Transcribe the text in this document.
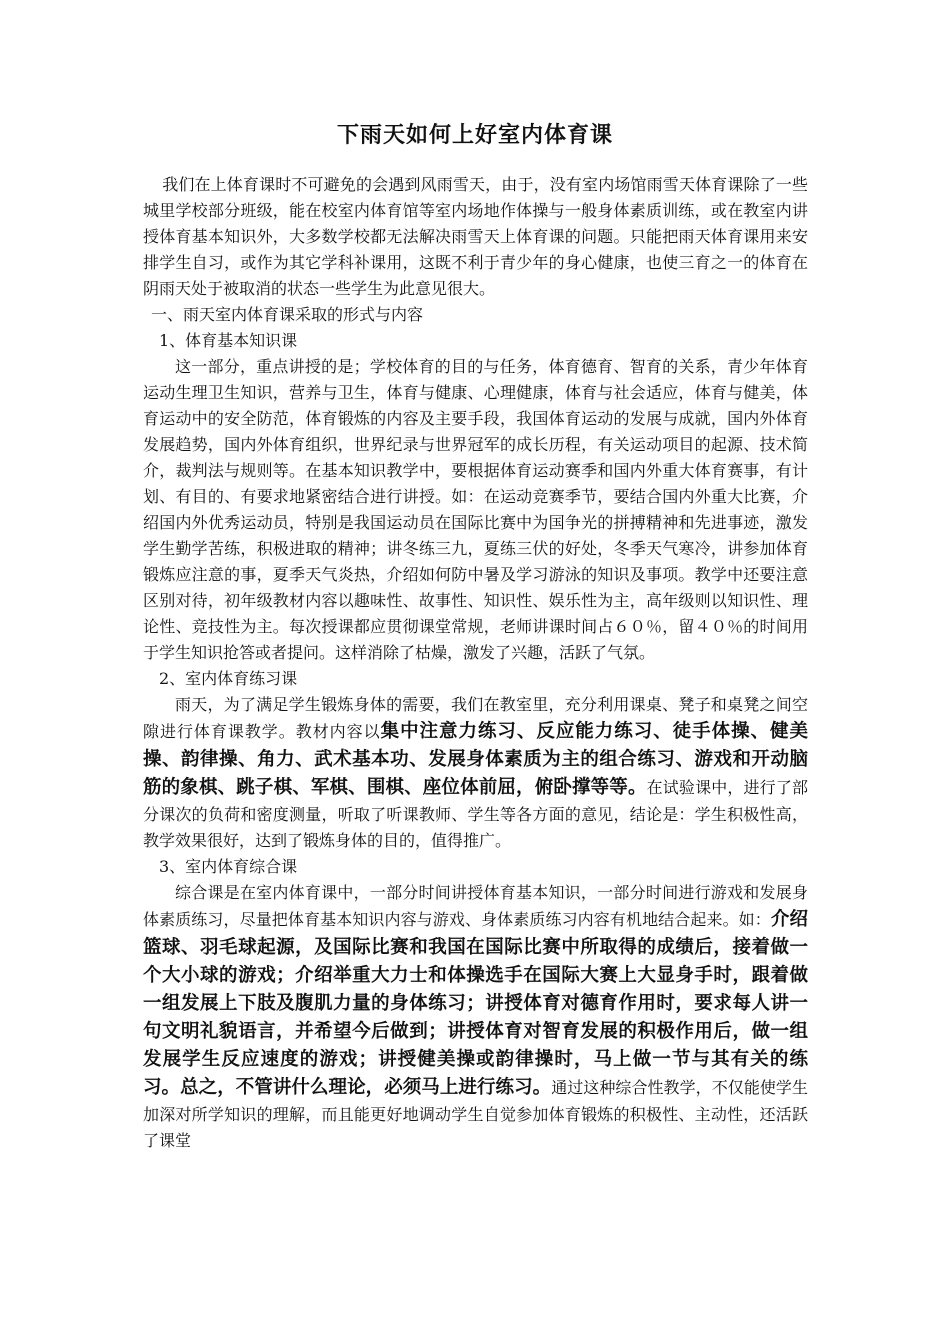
下雨天如何上好室内体育课

我们在上体育课时不可避免的会遇到风雨雪天，由于，没有室内场馆雨雪天体育课除了一些城里学校部分班级，能在校室内体育馆等室内场地作体操与一般身体素质训练，或在教室内讲授体育基本知识外，大多数学校都无法解决雨雪天上体育课的问题。只能把雨天体育课用来安排学生自习，或作为其它学科补课用，这既不利于青少年的身心健康，也使三育之一的体育在阴雨天处于被取消的状态一些学生为此意见很大。

一、雨天室内体育课采取的形式与内容

1、体育基本知识课

这一部分，重点讲授的是；学校体育的目的与任务，体育德育、智育的关系，青少年体育运动生理卫生知识，营养与卫生，体育与健康、心理健康，体育与社会适应，体育与健美，体育运动中的安全防范，体育锻炼的内容及主要手段，我国体育运动的发展与成就，国内外体育发展趋势，国内外体育组织，世界纪录与世界冠军的成长历程，有关运动项目的起源、技术简介，裁判法与规则等。在基本知识教学中，要根据体育运动赛季和国内外重大体育赛事，有计划、有目的、有要求地紧密结合进行讲授。如：在运动竞赛季节，要结合国内外重大比赛，介绍国内外优秀运动员，特别是我国运动员在国际比赛中为国争光的拼搏精神和先进事迹，激发学生勤学苦练，积极进取的精神；讲冬练三九，夏练三伏的好处，冬季天气寒冷，讲参加体育锻炼应注意的事，夏季天气炎热，介绍如何防中暑及学习游泳的知识及事项。教学中还要注意区别对待，初年级教材内容以趣味性、故事性、知识性、娱乐性为主，高年级则以知识性、理论性、竞技性为主。每次授课都应贯彻课堂常规，老师讲课时间占６０％，留４０％的时间用于学生知识抢答或者提问。这样消除了枯燥，激发了兴趣，活跃了气氛。

2、室内体育练习课

雨天，为了满足学生锻炼身体的需要，我们在教室里，充分利用课桌、凳子和桌凳之间空隙进行体育课教学。教材内容以集中注意力练习、反应能力练习、徒手体操、健美操、韵律操、角力、武术基本功、发展身体素质为主的组合练习、游戏和开动脑筋的象棋、跳子棋、军棋、围棋、座位体前屈，俯卧撑等等。在试验课中，进行了部分课次的负荷和密度测量，听取了听课教师、学生等各方面的意见，结论是：学生积极性高，教学效果很好，达到了锻炼身体的目的，值得推广。

3、室内体育综合课

综合课是在室内体育课中，一部分时间讲授体育基本知识，一部分时间进行游戏和发展身体素质练习，尽量把体育基本知识内容与游戏、身体素质练习内容有机地结合起来。如：介绍篮球、羽毛球起源，及国际比赛和我国在国际比赛中所取得的成绩后，接着做一个大小球的游戏；介绍举重大力士和体操选手在国际大赛上大显身手时，跟着做一组发展上下肢及腹肌力量的身体练习；讲授体育对德育作用时，要求每人讲一句文明礼貌语言，并希望今后做到；讲授体育对智育发展的积极作用后，做一组发展学生反应速度的游戏；讲授健美操或韵律操时，马上做一节与其有关的练习。总之，不管讲什么理论，必须马上进行练习。通过这种综合性教学，不仅能使学生加深对所学知识的理解，而且能更好地调动学生自觉参加体育锻炼的积极性、主动性，还活跃了课堂
